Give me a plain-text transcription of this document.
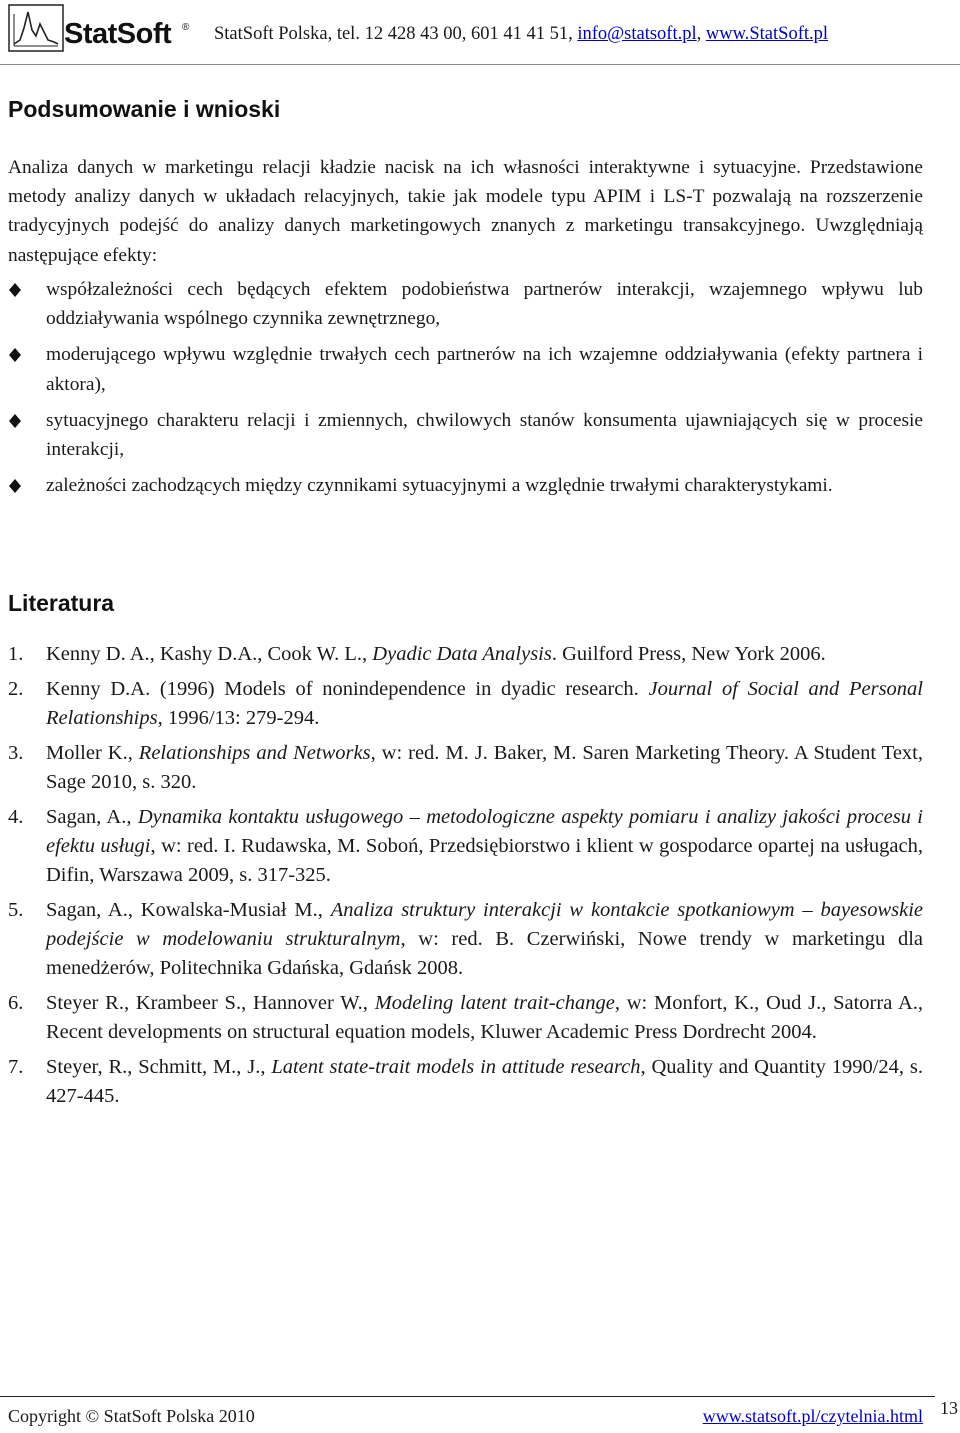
StatSoft ® StatSoft Polska, tel. 12 428 43 00, 601 41 41 51, info@statsoft.pl, www.StatSoft.pl
Podsumowanie i wnioski
Analiza danych w marketingu relacji kładzie nacisk na ich własności interaktywne i sytuacyjne. Przedstawione metody analizy danych w układach relacyjnych, takie jak modele typu APIM i LS-T pozwalają na rozszerzenie tradycyjnych podejść do analizy danych marketingowych znanych z marketingu transakcyjnego. Uwzględniają następujące efekty:
współzależności cech będących efektem podobieństwa partnerów interakcji, wzajemnego wpływu lub oddziaływania wspólnego czynnika zewnętrznego,
moderującego wpływu względnie trwałych cech partnerów na ich wzajemne oddziaływania (efekty partnera i aktora),
sytuacyjnego charakteru relacji i zmiennych, chwilowych stanów konsumenta ujawniających się w procesie interakcji,
zależności zachodzących między czynnikami sytuacyjnymi a względnie trwałymi charakterystykami.
Literatura
1. Kenny D. A., Kashy D.A., Cook W. L., Dyadic Data Analysis. Guilford Press, New York 2006.
2. Kenny D.A. (1996) Models of nonindependence in dyadic research. Journal of Social and Personal Relationships, 1996/13: 279-294.
3. Moller K., Relationships and Networks, w: red. M. J. Baker, M. Saren Marketing Theory. A Student Text, Sage 2010, s. 320.
4. Sagan, A., Dynamika kontaktu usługowego – metodologiczne aspekty pomiaru i analizy jakości procesu i efektu usługi, w: red. I. Rudawska, M. Soboń, Przedsiębiorstwo i klient w gospodarce opartej na usługach, Difin, Warszawa 2009, s. 317-325.
5. Sagan, A., Kowalska-Musiał M., Analiza struktury interakcji w kontakcie spotkaniowym – bayesowskie podejście w modelowaniu strukturalnym, w: red. B. Czerwiński, Nowe trendy w marketingu dla menedżerów, Politechnika Gdańska, Gdańsk 2008.
6. Steyer R., Krambeer S., Hannover W., Modeling latent trait-change, w: Monfort, K., Oud J., Satorra A., Recent developments on structural equation models, Kluwer Academic Press Dordrecht 2004.
7. Steyer, R., Schmitt, M., J., Latent state-trait models in attitude research, Quality and Quantity 1990/24, s. 427-445.
Copyright © StatSoft Polska 2010	www.statsoft.pl/czytelnia.html 13
